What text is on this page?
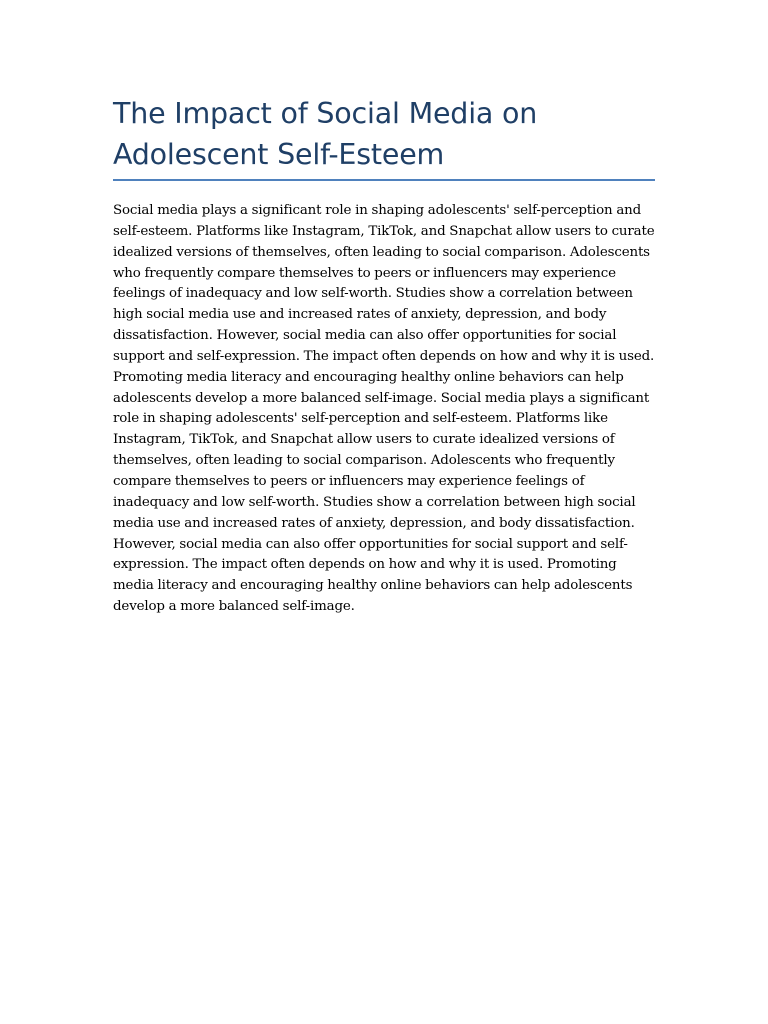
The Impact of Social Media on Adolescent Self-Esteem

Social media plays a significant role in shaping adolescents' self-perception and self-esteem. Platforms like Instagram, TikTok, and Snapchat allow users to curate idealized versions of themselves, often leading to social comparison. Adolescents who frequently compare themselves to peers or influencers may experience feelings of inadequacy and low self-worth. Studies show a correlation between high social media use and increased rates of anxiety, depression, and body dissatisfaction. However, social media can also offer opportunities for social support and self-expression. The impact often depends on how and why it is used. Promoting media literacy and encouraging healthy online behaviors can help adolescents develop a more balanced self-image. Social media plays a significant role in shaping adolescents' self-perception and self-esteem. Platforms like Instagram, TikTok, and Snapchat allow users to curate idealized versions of themselves, often leading to social comparison. Adolescents who frequently compare themselves to peers or influencers may experience feelings of inadequacy and low self-worth. Studies show a correlation between high social media use and increased rates of anxiety, depression, and body dissatisfaction. However, social media can also offer opportunities for social support and self-expression. The impact often depends on how and why it is used. Promoting media literacy and encouraging healthy online behaviors can help adolescents develop a more balanced self-image.
